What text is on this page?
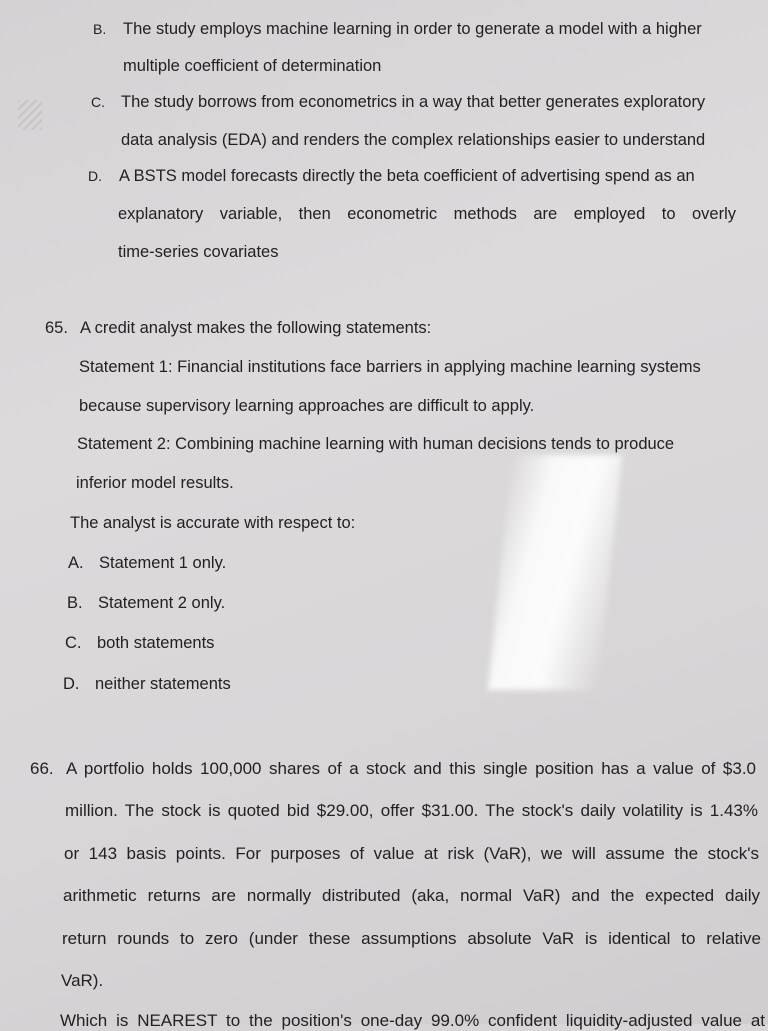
B. The study employs machine learning in order to generate a model with a higher
multiple coefficient of determination
C. The study borrows from econometrics in a way that better generates exploratory
data analysis (EDA) and renders the complex relationships easier to understand
D. A BSTS model forecasts directly the beta coefficient of advertising spend as an
explanatory variable, then econometric methods are employed to overly
time-series covariates
65. A credit analyst makes the following statements:
Statement 1: Financial institutions face barriers in applying machine learning systems
because supervisory learning approaches are difficult to apply.
Statement 2: Combining machine learning with human decisions tends to produce
inferior model results.
The analyst is accurate with respect to:
A. Statement 1 only.
B. Statement 2 only.
C. both statements
D. neither statements
66. A portfolio holds 100,000 shares of a stock and this single position has a value of $3.0
million. The stock is quoted bid $29.00, offer $31.00. The stock's daily volatility is 1.43%
or 143 basis points. For purposes of value at risk (VaR), we will assume the stock's
arithmetic returns are normally distributed (aka, normal VaR) and the expected daily
return rounds to zero (under these assumptions absolute VaR is identical to relative
VaR).
Which is NEAREST to the position's one-day 99.0% confident liquidity-adjusted value at
